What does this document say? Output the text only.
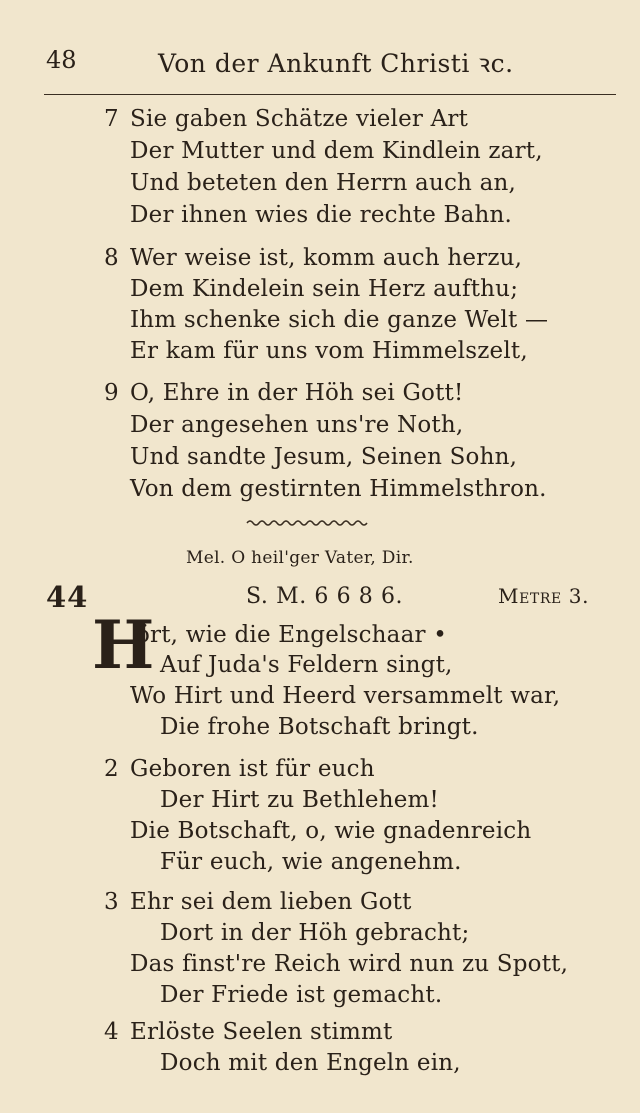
48	Von der Ankunft Christi ꝛc.
7 Sie gaben Schätze vieler Art
Der Mutter und dem Kindlein zart,
Und beteten den Herrn auch an,
Der ihnen wies die rechte Bahn.
8 Wer weise ist, komm auch herzu,
Dem Kindelein sein Herz aufthu;
Ihm schenke sich die ganze Welt —
Er kam für uns vom Himmelszelt,
9 O, Ehre in der Höh sei Gott!
Der angesehen uns're Noth,
Und sandte Jesum, Seinen Sohn,
Von dem gestirnten Himmelsthron.
Mel. O heil'ger Vater, Dir.
44	S. M. 6 6 8 6.	Metre 3.
H
ört, wie die Engelschaar •
Auf Juda's Feldern singt,
Wo Hirt und Heerd versammelt war,
Die frohe Botschaft bringt.
2 Geboren ist für euch
Der Hirt zu Bethlehem!
Die Botschaft, o, wie gnadenreich
Für euch, wie angenehm.
3 Ehr sei dem lieben Gott
Dort in der Höh gebracht;
Das finst're Reich wird nun zu Spott,
Der Friede ist gemacht.
4 Erlöste Seelen stimmt
Doch mit den Engeln ein,
